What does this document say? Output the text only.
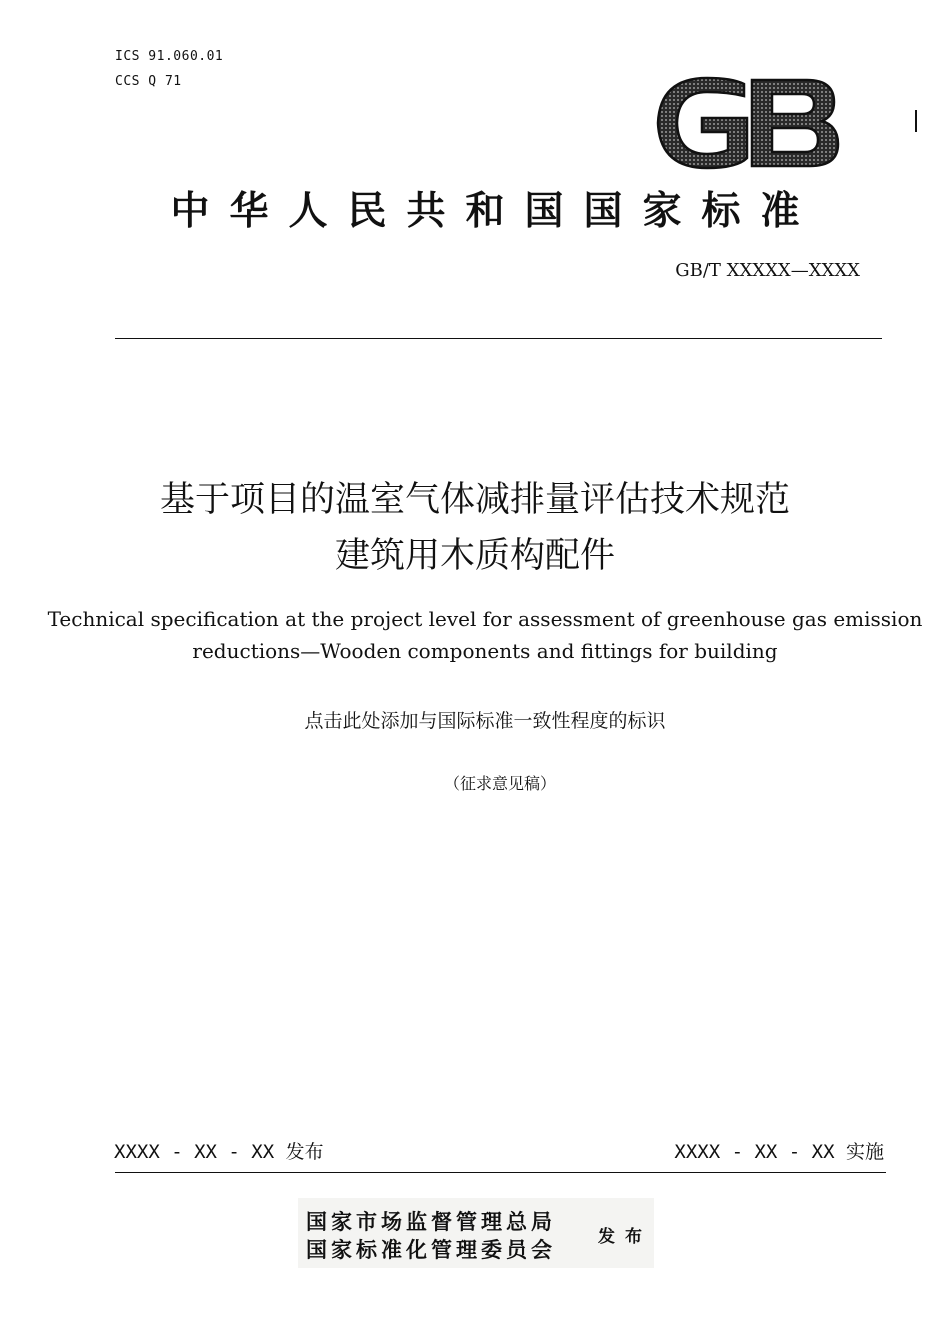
ICS 91.060.01
CCS Q 71
中华人民共和国国家标准
GB/T XXXXX—XXXX
基于项目的温室气体减排量评估技术规范
建筑用木质构配件
Technical specification at the project level for assessment of greenhouse gas emission
reductions—Wooden components and fittings for building
点击此处添加与国际标准一致性程度的标识
（征求意见稿）
XXXX - XX - XX 发布	XXXX - XX - XX 实施
国家市场监督管理总局
国家标准化管理委员会 发布
